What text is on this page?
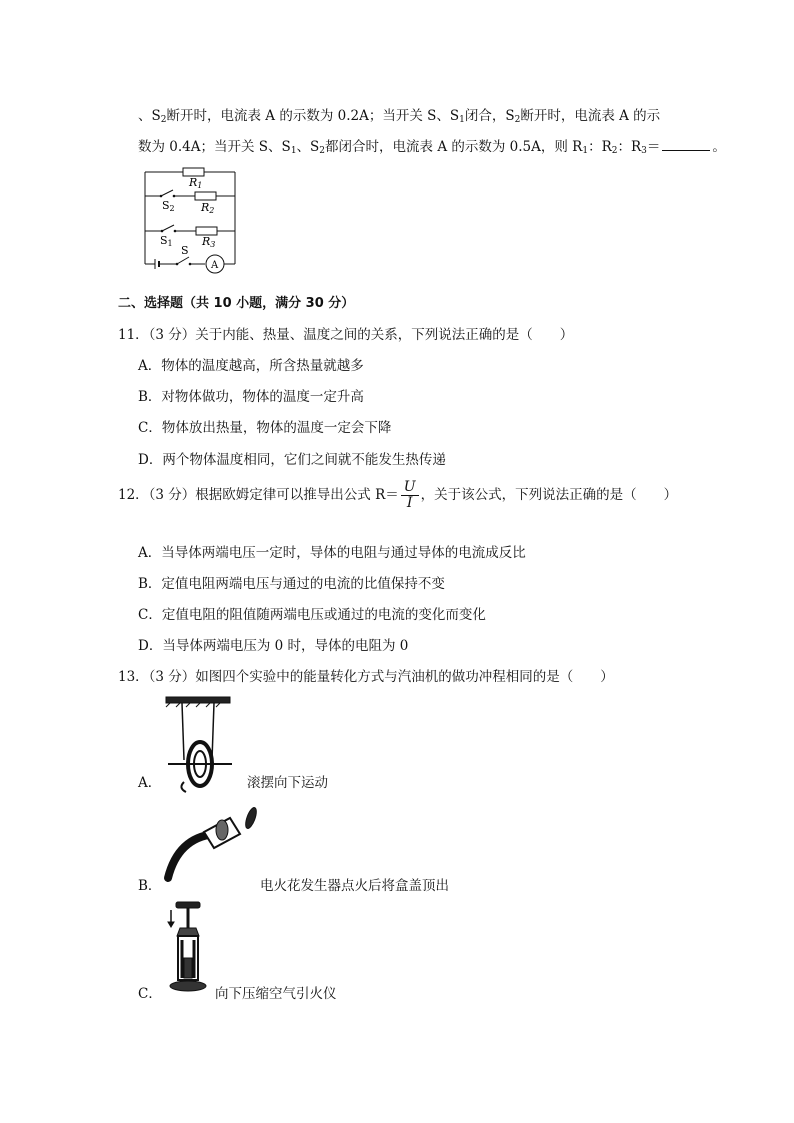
、$S_2$断开时，电流表 A 的示数为 0.2A；当开关 S、$S_1$闭合，$S_2$断开时，电流表 A 的示
数为 0.4A；当开关 S、$S_1$、$S_2$都闭合时，电流表 A 的示数为 0.5A，则 $R_1$：$R_2$：$R_3=$	。
R1
S2 R2
S1	R3
S
A
二、选择题（共 10 小题，满分 30 分）
11．（3 分）关于内能、热量、温度之间的关系，下列说法正确的是（　　）
A．物体的温度越高，所含热量就越多
B．对物体做功，物体的温度一定升高
C．物体放出热量，物体的温度一定会下降
D．两个物体温度相同，它们之间就不能发生热传递
12．（3 分）根据欧姆定律可以推导出公式 $R= \frac{U}{I}$ ，关于该公式，下列说法正确的是（　　）
A．当导体两端电压一定时，导体的电阻与通过导体的电流成反比
B．定值电阻两端电压与通过的电流的比值保持不变
C．定值电阻的阻值随两端电压或通过的电流的变化而变化
D．当导体两端电压为 0 时，导体的电阻为 0
13．（3 分）如图四个实验中的能量转化方式与汽油机的做功冲程相同的是（　　）
A．	滚摆向下运动
B．	电火花发生器点火后将盒盖顶出
C．	向下压缩空气引火仪
